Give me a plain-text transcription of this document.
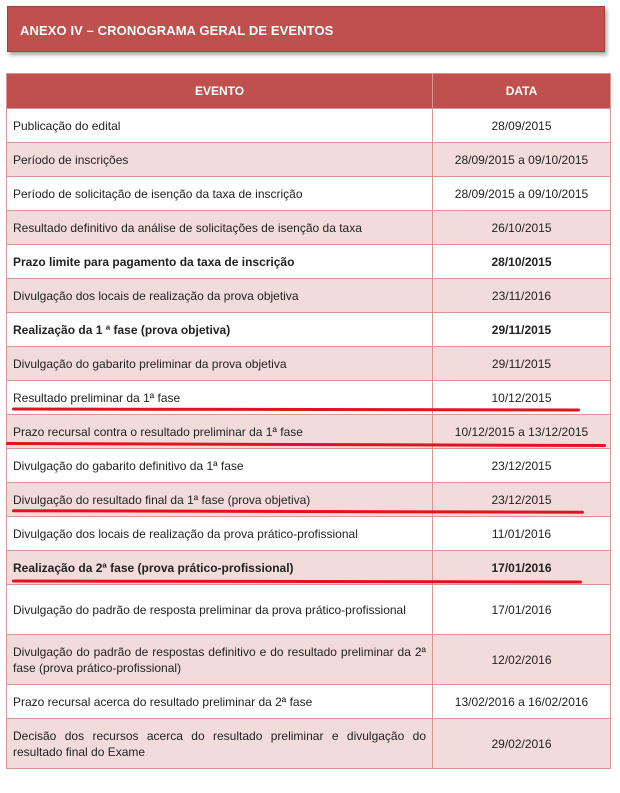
ANEXO IV – CRONOGRAMA GERAL DE EVENTOS
EVENTO	DATA
Publicação do edital	28/09/2015
Período de inscrições	28/09/2015 a 09/10/2015
Período de solicitação de isenção da taxa de inscrição	28/09/2015 a 09/10/2015
Resultado definitivo da análise de solicitações de isenção da taxa	26/10/2015
Prazo limite para pagamento da taxa de inscrição	28/10/2015
Divulgação dos locais de realização da prova objetiva	23/11/2016
Realização da 1 ª fase (prova objetiva)	29/11/2015
Divulgação do gabarito preliminar da prova objetiva	29/11/2015
Resultado preliminar da 1ª fase	10/12/2015
Prazo recursal contra o resultado preliminar da 1ª fase	10/12/2015 a 13/12/2015
Divulgação do gabarito definitivo da 1ª fase	23/12/2015
Divulgação do resultado final da 1ª fase (prova objetiva)	23/12/2015
Divulgação dos locais de realização da prova prático-profissional	11/01/2016
Realização da 2ª fase (prova prático-profissional)	17/01/2016
Divulgação do padrão de resposta preliminar da prova prático-profissional	17/01/2016
Divulgação do padrão de respostas definitivo e do resultado preliminar da 2ª fase (prova prático-profissional)	12/02/2016
Prazo recursal acerca do resultado preliminar da 2ª fase	13/02/2016 a 16/02/2016
Decisão dos recursos acerca do resultado preliminar e divulgação do resultado final do Exame	29/02/2016
